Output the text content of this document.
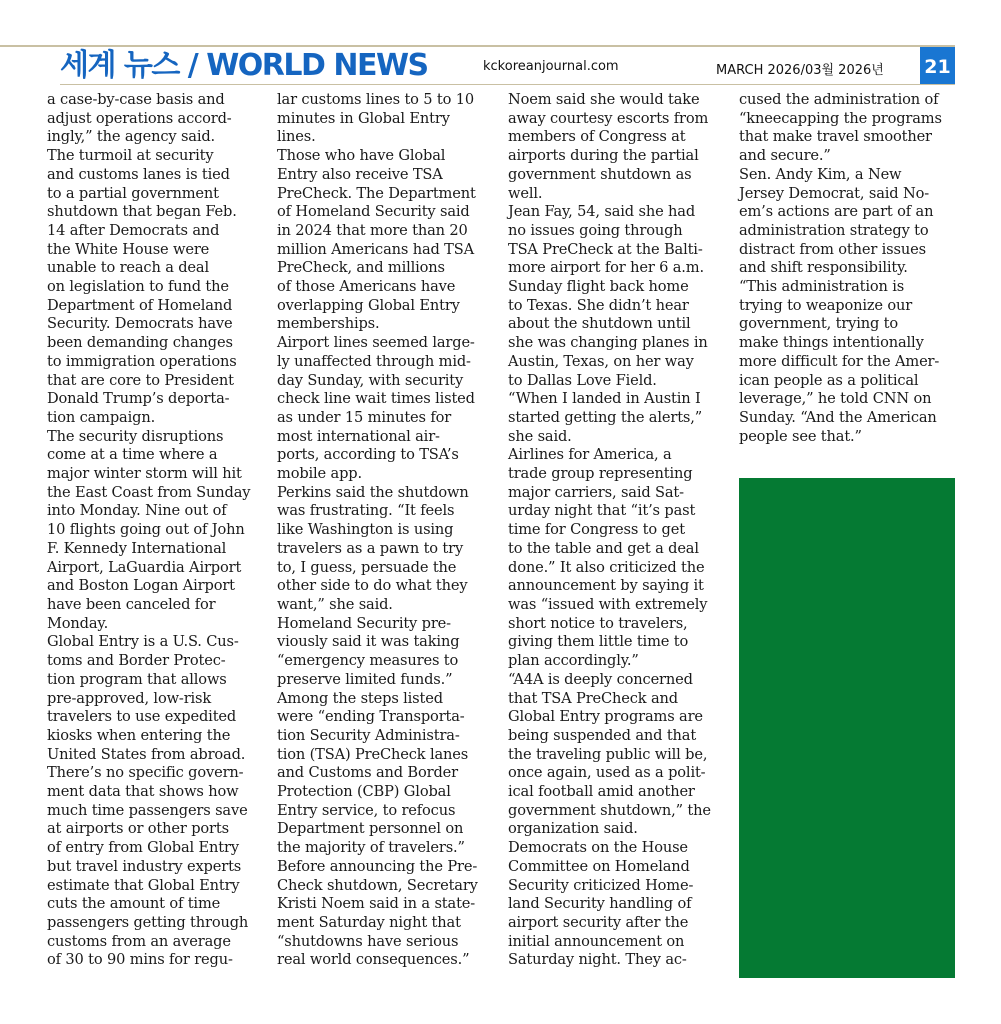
세계 뉴스 / WORLD NEWS	kckoreanjournal.com	MARCH 2026/03월 2026년 21

a case-by-case basis and
adjust operations accord-
ingly,” the agency said.
The turmoil at security
and customs lanes is tied
to a partial government
shutdown that began Feb.
14 after Democrats and
the White House were
unable to reach a deal
on legislation to fund the
Department of Homeland
Security. Democrats have
been demanding changes
to immigration operations
that are core to President
Donald Trump’s deporta-
tion campaign.
The security disruptions
come at a time where a
major winter storm will hit
the East Coast from Sunday
into Monday. Nine out of
10 flights going out of John
F. Kennedy International
Airport, LaGuardia Airport
and Boston Logan Airport
have been canceled for
Monday.
Global Entry is a U.S. Cus-
toms and Border Protec-
tion program that allows
pre-approved, low-risk
travelers to use expedited
kiosks when entering the
United States from abroad.
There’s no specific govern-
ment data that shows how
much time passengers save
at airports or other ports
of entry from Global Entry
but travel industry experts
estimate that Global Entry
cuts the amount of time
passengers getting through
customs from an average
of 30 to 90 mins for regu-

lar customs lines to 5 to 10
minutes in Global Entry
lines.
Those who have Global
Entry also receive TSA
PreCheck. The Department
of Homeland Security said
in 2024 that more than 20
million Americans had TSA
PreCheck, and millions
of those Americans have
overlapping Global Entry
memberships.
Airport lines seemed large-
ly unaffected through mid-
day Sunday, with security
check line wait times listed
as under 15 minutes for
most international air-
ports, according to TSA’s
mobile app.
Perkins said the shutdown
was frustrating. “It feels
like Washington is using
travelers as a pawn to try
to, I guess, persuade the
other side to do what they
want,” she said.
Homeland Security pre-
viously said it was taking
“emergency measures to
preserve limited funds.”
Among the steps listed
were “ending Transporta-
tion Security Administra-
tion (TSA) PreCheck lanes
and Customs and Border
Protection (CBP) Global
Entry service, to refocus
Department personnel on
the majority of travelers.”
Before announcing the Pre-
Check shutdown, Secretary
Kristi Noem said in a state-
ment Saturday night that
“shutdowns have serious
real world consequences.”

Noem said she would take
away courtesy escorts from
members of Congress at
airports during the partial
government shutdown as
well.
Jean Fay, 54, said she had
no issues going through
TSA PreCheck at the Balti-
more airport for her 6 a.m.
Sunday flight back home
to Texas. She didn’t hear
about the shutdown until
she was changing planes in
Austin, Texas, on her way
to Dallas Love Field.
“When I landed in Austin I
started getting the alerts,”
she said.
Airlines for America, a
trade group representing
major carriers, said Sat-
urday night that “it’s past
time for Congress to get
to the table and get a deal
done.” It also criticized the
announcement by saying it
was “issued with extremely
short notice to travelers,
giving them little time to
plan accordingly.”
“A4A is deeply concerned
that TSA PreCheck and
Global Entry programs are
being suspended and that
the traveling public will be,
once again, used as a polit-
ical football amid another
government shutdown,” the
organization said.
Democrats on the House
Committee on Homeland
Security criticized Home-
land Security handling of
airport security after the
initial announcement on
Saturday night. They ac-

cused the administration of
“kneecapping the programs
that make travel smoother
and secure.”
Sen. Andy Kim, a New
Jersey Democrat, said No-
em’s actions are part of an
administration strategy to
distract from other issues
and shift responsibility.
“This administration is
trying to weaponize our
government, trying to
make things intentionally
more difficult for the Amer-
ican people as a political
leverage,” he told CNN on
Sunday. “And the American
people see that.”
